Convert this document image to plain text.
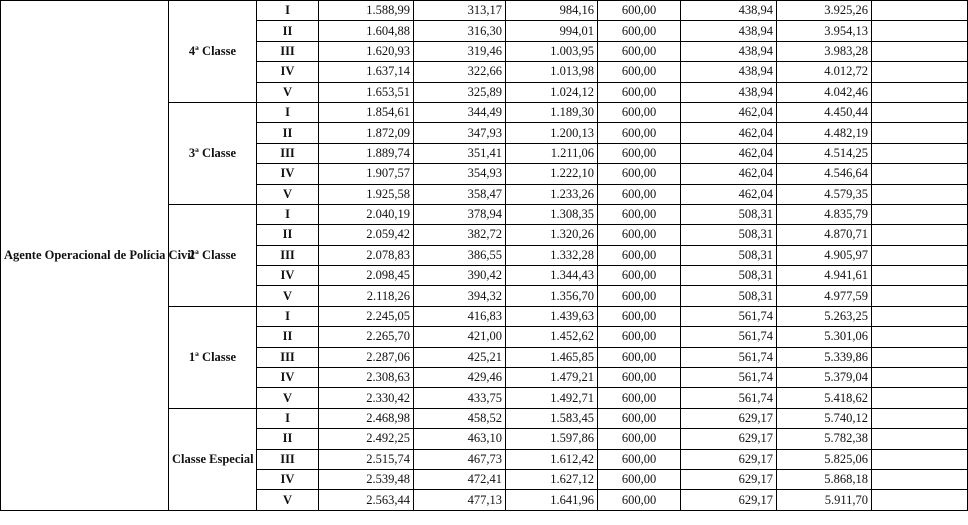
Agente Operacional de Polícia Civil	4ª Classe	I	1.588,99	313,17	984,16	600,00	438,94	3.925,26	
		II	1.604,88	316,30	994,01	600,00	438,94	3.954,13	
		III	1.620,93	319,46	1.003,95	600,00	438,94	3.983,28	
		IV	1.637,14	322,66	1.013,98	600,00	438,94	4.012,72	
		V	1.653,51	325,89	1.024,12	600,00	438,94	4.042,46	
	3ª Classe	I	1.854,61	344,49	1.189,30	600,00	462,04	4.450,44	
		II	1.872,09	347,93	1.200,13	600,00	462,04	4.482,19	
		III	1.889,74	351,41	1.211,06	600,00	462,04	4.514,25	
		IV	1.907,57	354,93	1.222,10	600,00	462,04	4.546,64	
		V	1.925,58	358,47	1.233,26	600,00	462,04	4.579,35	
	2ª Classe	I	2.040,19	378,94	1.308,35	600,00	508,31	4.835,79	
		II	2.059,42	382,72	1.320,26	600,00	508,31	4.870,71	
		III	2.078,83	386,55	1.332,28	600,00	508,31	4.905,97	
		IV	2.098,45	390,42	1.344,43	600,00	508,31	4.941,61	
		V	2.118,26	394,32	1.356,70	600,00	508,31	4.977,59	
	1ª Classe	I	2.245,05	416,83	1.439,63	600,00	561,74	5.263,25	
		II	2.265,70	421,00	1.452,62	600,00	561,74	5.301,06	
		III	2.287,06	425,21	1.465,85	600,00	561,74	5.339,86	
		IV	2.308,63	429,46	1.479,21	600,00	561,74	5.379,04	
		V	2.330,42	433,75	1.492,71	600,00	561,74	5.418,62	
	Classe Especial	I	2.468,98	458,52	1.583,45	600,00	629,17	5.740,12	
		II	2.492,25	463,10	1.597,86	600,00	629,17	5.782,38	
		III	2.515,74	467,73	1.612,42	600,00	629,17	5.825,06	
		IV	2.539,48	472,41	1.627,12	600,00	629,17	5.868,18	
		V	2.563,44	477,13	1.641,96	600,00	629,17	5.911,70	
